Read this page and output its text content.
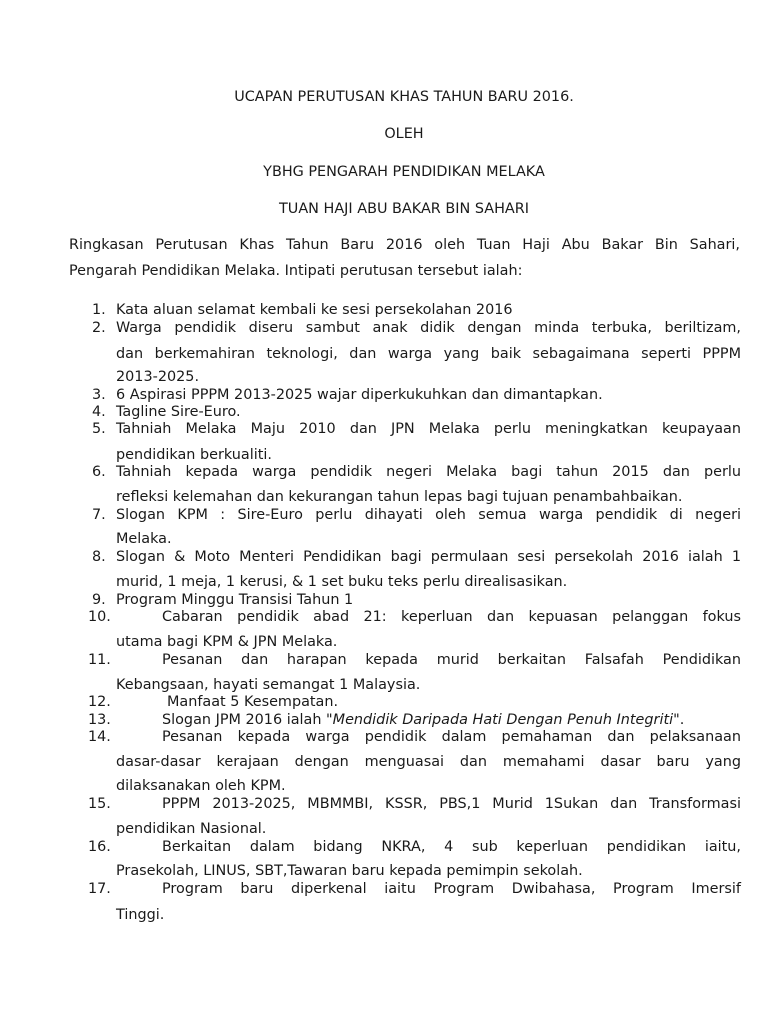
UCAPAN PERUTUSAN KHAS TAHUN BARU 2016.
OLEH
YBHG PENGARAH PENDIDIKAN MELAKA
TUAN HAJI ABU BAKAR BIN SAHARI
Ringkasan Perutusan Khas Tahun Baru 2016 oleh Tuan Haji Abu Bakar Bin Sahari,
Pengarah Pendidikan Melaka. Intipati perutusan tersebut ialah:
1. Kata aluan selamat kembali ke sesi persekolahan 2016
2. Warga pendidik diseru sambut anak didik dengan minda terbuka, beriltizam,
dan berkemahiran teknologi, dan warga yang baik sebagaimana seperti PPPM
2013-2025.
3. 6 Aspirasi PPPM 2013-2025 wajar diperkukuhkan dan dimantapkan.
4. Tagline Sire-Euro.
5. Tahniah Melaka Maju 2010 dan JPN Melaka perlu meningkatkan keupayaan
pendidikan berkualiti.
6. Tahniah kepada warga pendidik negeri Melaka bagi tahun 2015 dan perlu
refleksi kelemahan dan kekurangan tahun lepas bagi tujuan penambahbaikan.
7. Slogan KPM : Sire-Euro perlu dihayati oleh semua warga pendidik di negeri
Melaka.
8. Slogan & Moto Menteri Pendidikan bagi permulaan sesi persekolah 2016 ialah 1
murid, 1 meja, 1 kerusi, & 1 set buku teks perlu direalisasikan.
9. Program Minggu Transisi Tahun 1
10.	Cabaran pendidik abad 21: keperluan dan kepuasan pelanggan fokus
utama bagi KPM & JPN Melaka.
11.	Pesanan dan harapan kepada murid berkaitan Falsafah Pendidikan
Kebangsaan, hayati semangat 1 Malaysia.
12.	Manfaat 5 Kesempatan.
13.	Slogan JPM 2016 ialah "Mendidik Daripada Hati Dengan Penuh Integriti".
14.	Pesanan kepada warga pendidik dalam pemahaman dan pelaksanaan
dasar-dasar kerajaan dengan menguasai dan memahami dasar baru yang
dilaksanakan oleh KPM.
15.	PPPM 2013-2025, MBMMBI, KSSR, PBS,1 Murid 1Sukan dan Transformasi
pendidikan Nasional.
16.	Berkaitan dalam bidang NKRA, 4 sub keperluan pendidikan iaitu,
Prasekolah, LINUS, SBT,Tawaran baru kepada pemimpin sekolah.
17.	Program baru diperkenal iaitu Program Dwibahasa, Program Imersif
Tinggi.
